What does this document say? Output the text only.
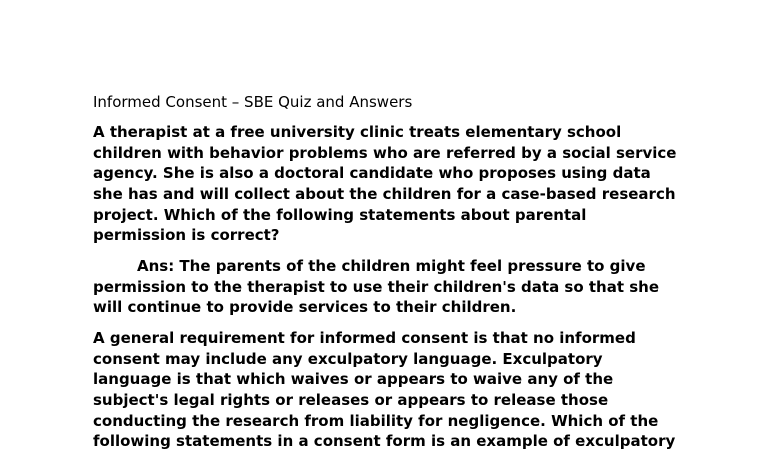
Informed Consent – SBE Quiz and Answers
A therapist at a free university clinic treats elementary school
children with behavior problems who are referred by a social service
agency. She is also a doctoral candidate who proposes using data
she has and will collect about the children for a case-based research
project. Which of the following statements about parental
permission is correct?
Ans: The parents of the children might feel pressure to give
permission to the therapist to use their children's data so that she
will continue to provide services to their children.
A general requirement for informed consent is that no informed
consent may include any exculpatory language. Exculpatory
language is that which waives or appears to waive any of the
subject's legal rights or releases or appears to release those
conducting the research from liability for negligence. Which of the
following statements in a consent form is an example of exculpatory
